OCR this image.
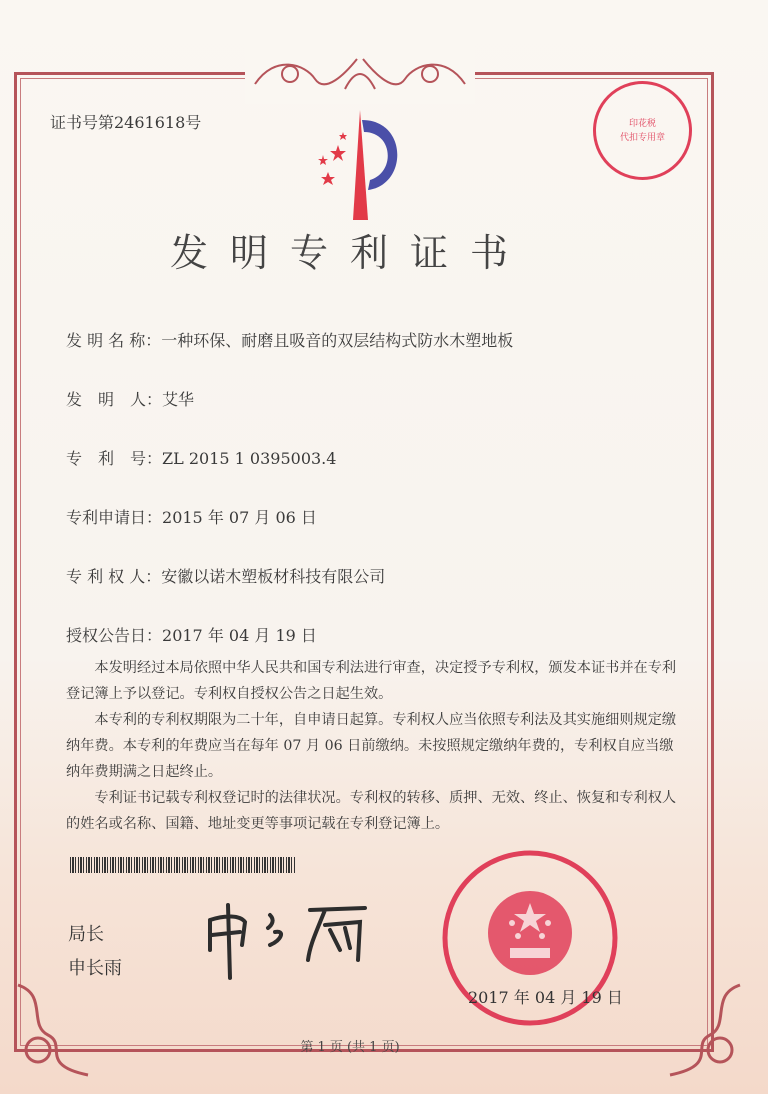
证书号第2461618号	印花税
代扣专用章
发明专利证书
发 明 名 称：一种环保、耐磨且吸音的双层结构式防水木塑地板
发　明　人：艾华
专　利　号：ZL 2015 1 0395003.4
专利申请日：2015 年 07 月 06 日
专 利 权 人：安徽以诺木塑板材科技有限公司
授权公告日：2017 年 04 月 19 日

本发明经过本局依照中华人民共和国专利法进行审查，决定授予专利权，颁发本证书并在专利登记簿上予以登记。专利权自授权公告之日起生效。

本专利的专利权期限为二十年，自申请日起算。专利权人应当依照专利法及其实施细则规定缴纳年费。本专利的年费应当在每年 07 月 06 日前缴纳。未按照规定缴纳年费的，专利权自应当缴纳年费期满之日起终止。

专利证书记载专利权登记时的法律状况。专利权的转移、质押、无效、终止、恢复和专利权人的姓名或名称、国籍、地址变更等事项记载在专利登记簿上。

局长
申长雨
2017 年 04 月 19 日
第 1 页 (共 1 页)
